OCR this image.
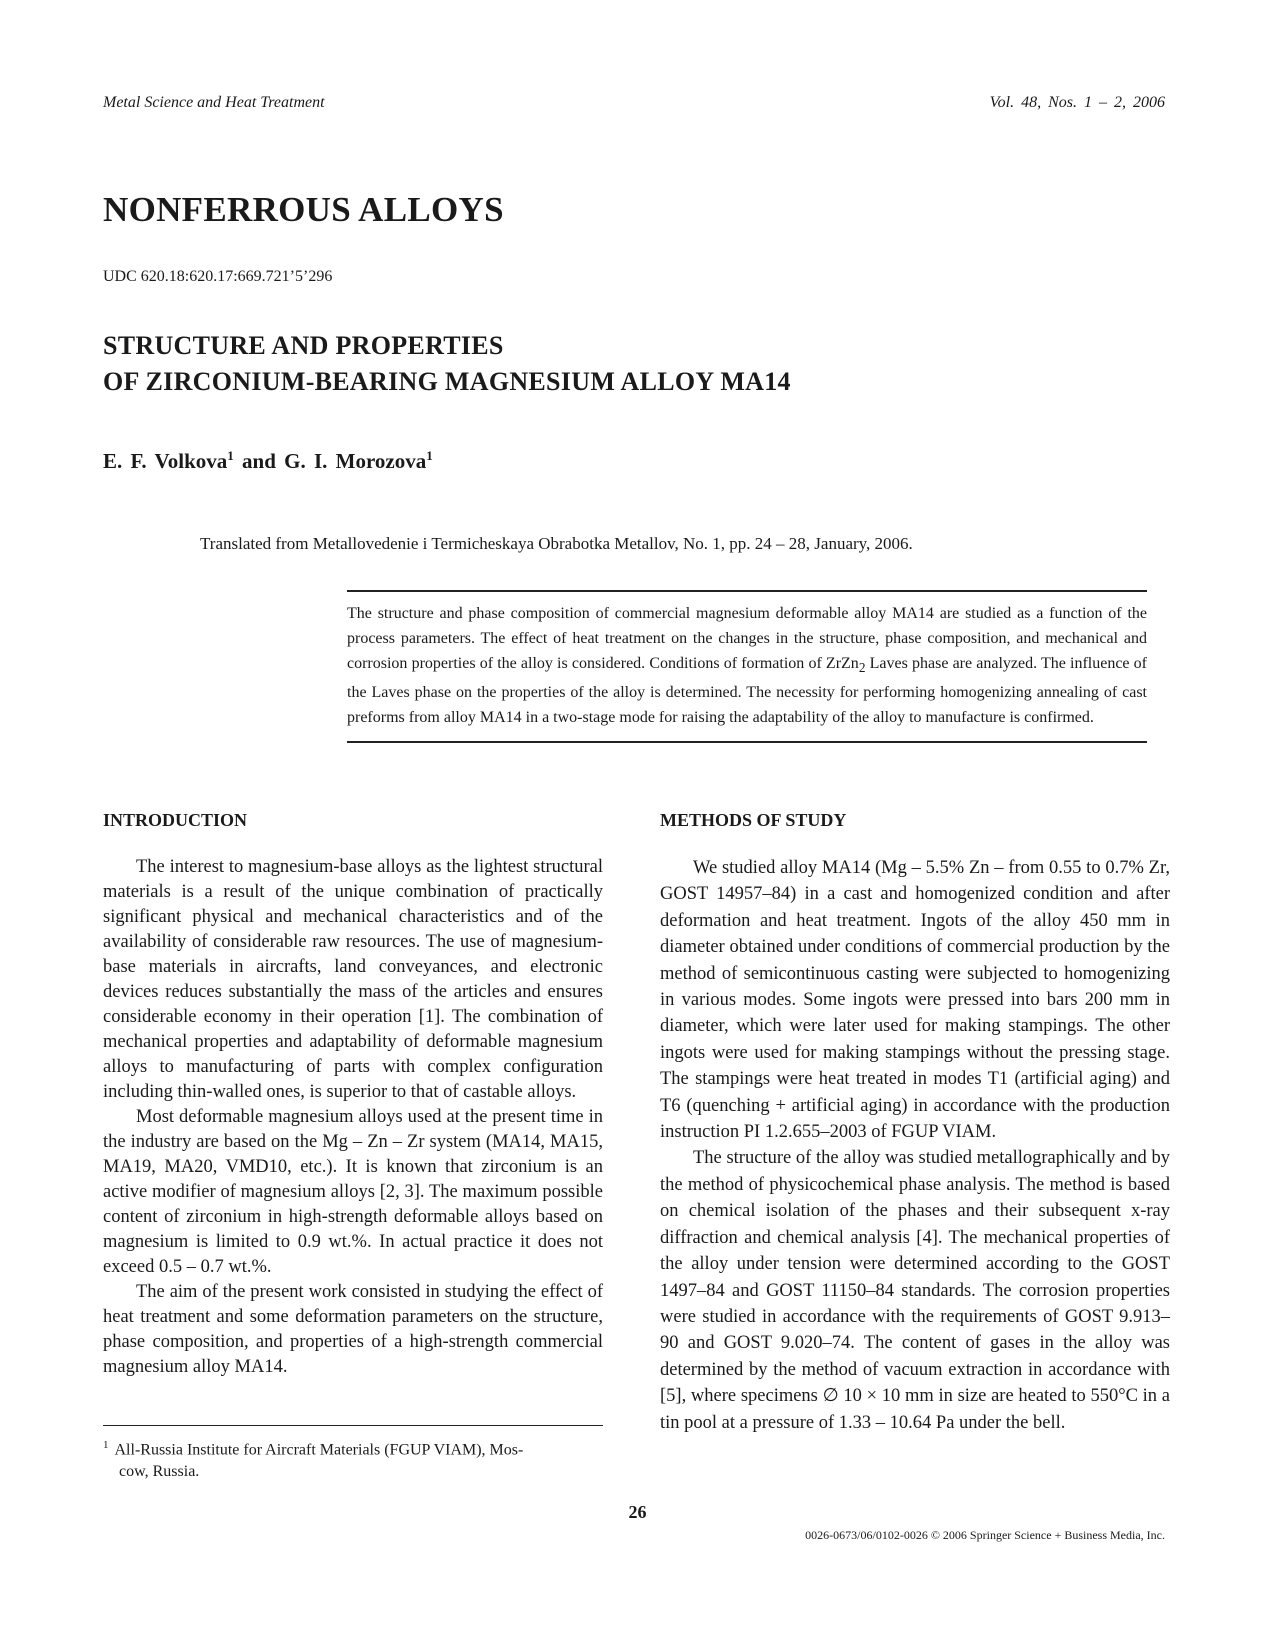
Metal Science and Heat Treatment	Vol. 48, Nos. 1 – 2, 2006
NONFERROUS ALLOYS
UDC 620.18:620.17:669.721’5’296
STRUCTURE AND PROPERTIES
OF ZIRCONIUM-BEARING MAGNESIUM ALLOY MA14
E. F. Volkova$^1$ and G. I. Morozova$^1$
Translated from Metallovedenie i Termicheskaya Obrabotka Metallov, No. 1, pp. 24 – 28, January, 2006.

The structure and phase composition of commercial magnesium deformable alloy MA14 are studied as a function of the process parameters. The effect of heat treatment on the changes in the structure, phase composition, and mechanical and corrosion properties of the alloy is considered. Conditions of formation of ZrZn$_2$ Laves phase are analyzed. The influence of the Laves phase on the properties of the alloy is determined. The necessity for performing homogenizing annealing of cast preforms from alloy MA14 in a two-stage mode for raising the adaptability of the alloy to manufacture is confirmed.

INTRODUCTION

The interest to magnesium-base alloys as the lightest structural materials is a result of the unique combination of practically significant physical and mechanical characteristics and of the availability of considerable raw resources. The use of magnesium-base materials in aircrafts, land conveyances, and electronic devices reduces substantially the mass of the articles and ensures considerable economy in their operation [1]. The combination of mechanical properties and adaptability of deformable magnesium alloys to manufacturing of parts with complex configuration including thin-walled ones, is superior to that of castable alloys.

Most deformable magnesium alloys used at the present time in the industry are based on the Mg – Zn – Zr system (MA14, MA15, MA19, MA20, VMD10, etc.). It is known that zirconium is an active modifier of magnesium alloys [2, 3]. The maximum possible content of zirconium in high-strength deformable alloys based on magnesium is limited to 0.9 wt.%. In actual practice it does not exceed 0.5 – 0.7 wt.%.

The aim of the present work consisted in studying the effect of heat treatment and some deformation parameters on the structure, phase composition, and properties of a high-strength commercial magnesium alloy MA14.

METHODS OF STUDY

We studied alloy MA14 (Mg – 5.5% Zn – from 0.55 to 0.7% Zr, GOST 14957–84) in a cast and homogenized condition and after deformation and heat treatment. Ingots of the alloy 450 mm in diameter obtained under conditions of commercial production by the method of semicontinuous casting were subjected to homogenizing in various modes. Some ingots were pressed into bars 200 mm in diameter, which were later used for making stampings. The other ingots were used for making stampings without the pressing stage. The stampings were heat treated in modes T1 (artificial aging) and T6 (quenching + artificial aging) in accordance with the production instruction PI 1.2.655–2003 of FGUP VIAM.

The structure of the alloy was studied metallographically and by the method of physicochemical phase analysis. The method is based on chemical isolation of the phases and their subsequent x-ray diffraction and chemical analysis [4]. The mechanical properties of the alloy under tension were determined according to the GOST 1497–84 and GOST 11150–84 standards. The corrosion properties were studied in accordance with the requirements of GOST 9.913–90 and GOST 9.020–74. The content of gases in the alloy was determined by the method of vacuum extraction in accordance with [5], where specimens ∅ 10 × 10 mm in size are heated to 550°C in a tin pool at a pressure of 1.33 – 10.64 Pa under the bell.

$^1$ All-Russia Institute for Aircraft Materials (FGUP VIAM), Mos-
cow, Russia.
26
0026-0673/06/0102-0026 © 2006 Springer Science + Business Media, Inc.
